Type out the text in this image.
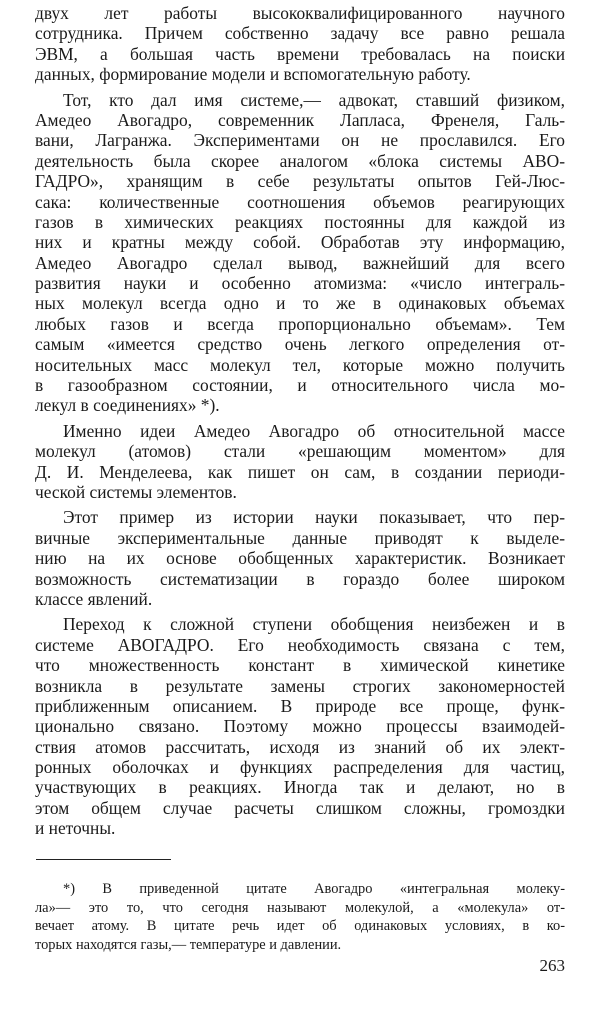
двух лет работы высококвалифицированного научного
сотрудника. Причем собственно задачу все равно решала
ЭВМ, а большая часть времени требовалась на поиски
данных, формирование модели и вспомогательную работу.
Тот, кто дал имя системе,— адвокат, ставший физиком,
Амедео Авогадро, современник Лапласа, Френеля, Галь-
вани, Лагранжа. Экспериментами он не прославился. Его
деятельность была скорее аналогом «блока системы АВО-
ГАДРО», хранящим в себе результаты опытов Гей-Люс-
сака: количественные соотношения объемов реагирующих
газов в химических реакциях постоянны для каждой из
них и кратны между собой. Обработав эту информацию,
Амедео Авогадро сделал вывод, важнейший для всего
развития науки и особенно атомизма: «число интеграль-
ных молекул всегда одно и то же в одинаковых объемах
любых газов и всегда пропорционально объемам». Тем
самым «имеется средство очень легкого определения от-
носительных масс молекул тел, которые можно получить
в газообразном состоянии, и относительного числа мо-
лекул в соединениях» *).
Именно идеи Амедео Авогадро об относительной массе
молекул (атомов) стали «решающим моментом» для
Д. И. Менделеева, как пишет он сам, в создании периоди-
ческой системы элементов.
Этот пример из истории науки показывает, что пер-
вичные экспериментальные данные приводят к выделе-
нию на их основе обобщенных характеристик. Возникает
возможность систематизации в гораздо более широком
классе явлений.
Переход к сложной ступени обобщения неизбежен и в
системе АВОГАДРО. Его необходимость связана с тем,
что множественность констант в химической кинетике
возникла в результате замены строгих закономерностей
приближенным описанием. В природе все проще, функ-
ционально связано. Поэтому можно процессы взаимодей-
ствия атомов рассчитать, исходя из знаний об их элект-
ронных оболочках и функциях распределения для частиц,
участвующих в реакциях. Иногда так и делают, но в
этом общем случае расчеты слишком сложны, громоздки
и неточны.
*) В приведенной цитате Авогадро «интегральная молеку-
ла»— это то, что сегодня называют молекулой, а «молекула» от-
вечает атому. В цитате речь идет об одинаковых условиях, в ко-
торых находятся газы,— температуре и давлении.
263
